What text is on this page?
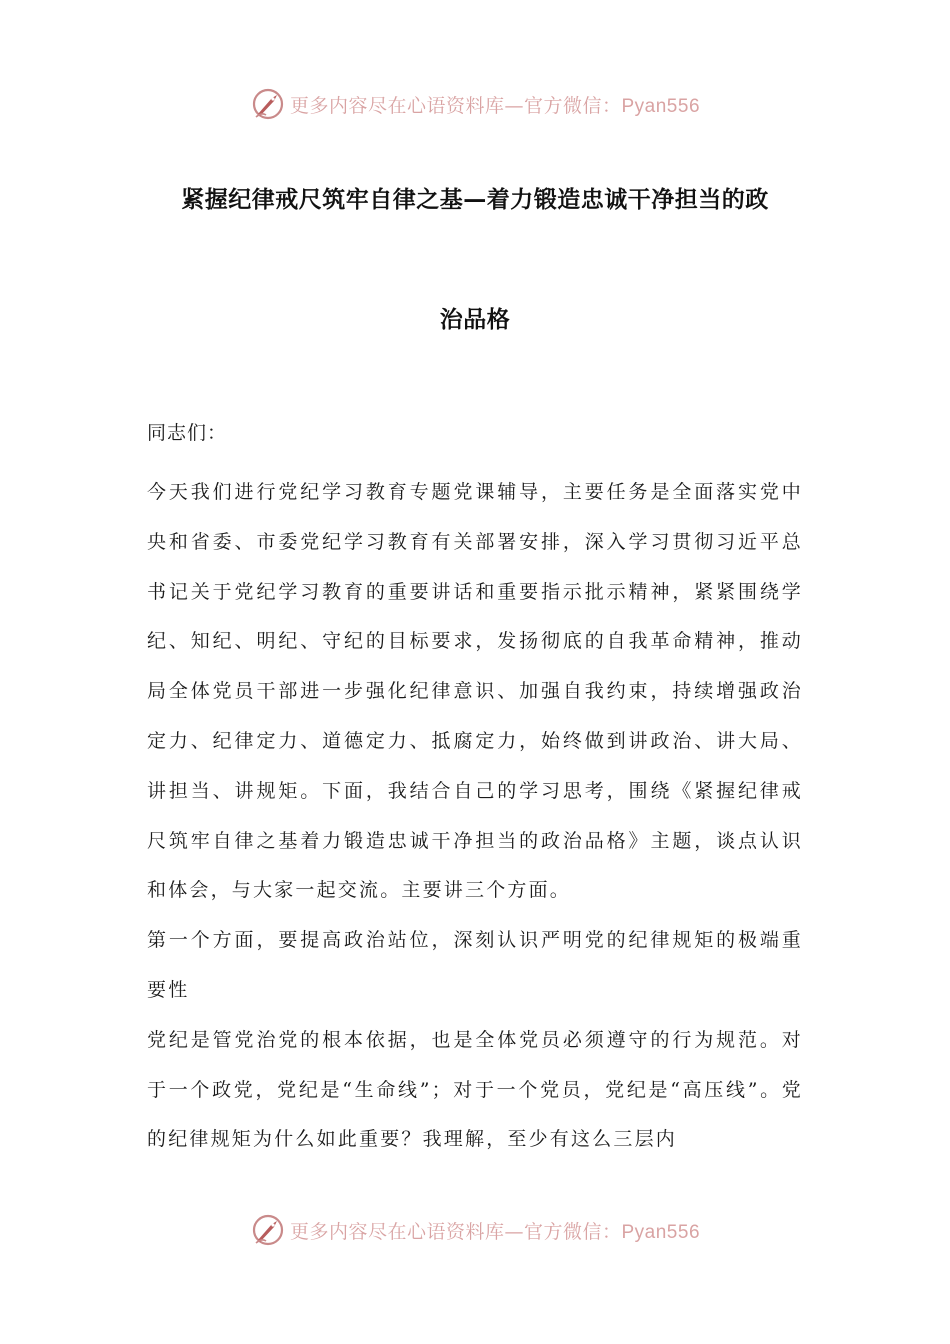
更多内容尽在心语资料库—官方微信：Pyan556
紧握纪律戒尺筑牢自律之基—着力锻造忠诚干净担当的政
治品格
同志们：

今天我们进行党纪学习教育专题党课辅导，主要任务是全面落实党中央和省委、市委党纪学习教育有关部署安排，深入学习贯彻习近平总书记关于党纪学习教育的重要讲话和重要指示批示精神，紧紧围绕学纪、知纪、明纪、守纪的目标要求，发扬彻底的自我革命精神，推动局全体党员干部进一步强化纪律意识、加强自我约束，持续增强政治定力、纪律定力、道德定力、抵腐定力，始终做到讲政治、讲大局、讲担当、讲规矩。下面，我结合自己的学习思考，围绕《紧握纪律戒尺筑牢自律之基着力锻造忠诚干净担当的政治品格》主题，谈点认识和体会，与大家一起交流。主要讲三个方面。

第一个方面，要提高政治站位，深刻认识严明党的纪律规矩的极端重要性

党纪是管党治党的根本依据，也是全体党员必须遵守的行为规范。对于一个政党，党纪是“生命线”；对于一个党员，党纪是“高压线”。党的纪律规矩为什么如此重要？我理解，至少有这么三层内

更多内容尽在心语资料库—官方微信：Pyan556
